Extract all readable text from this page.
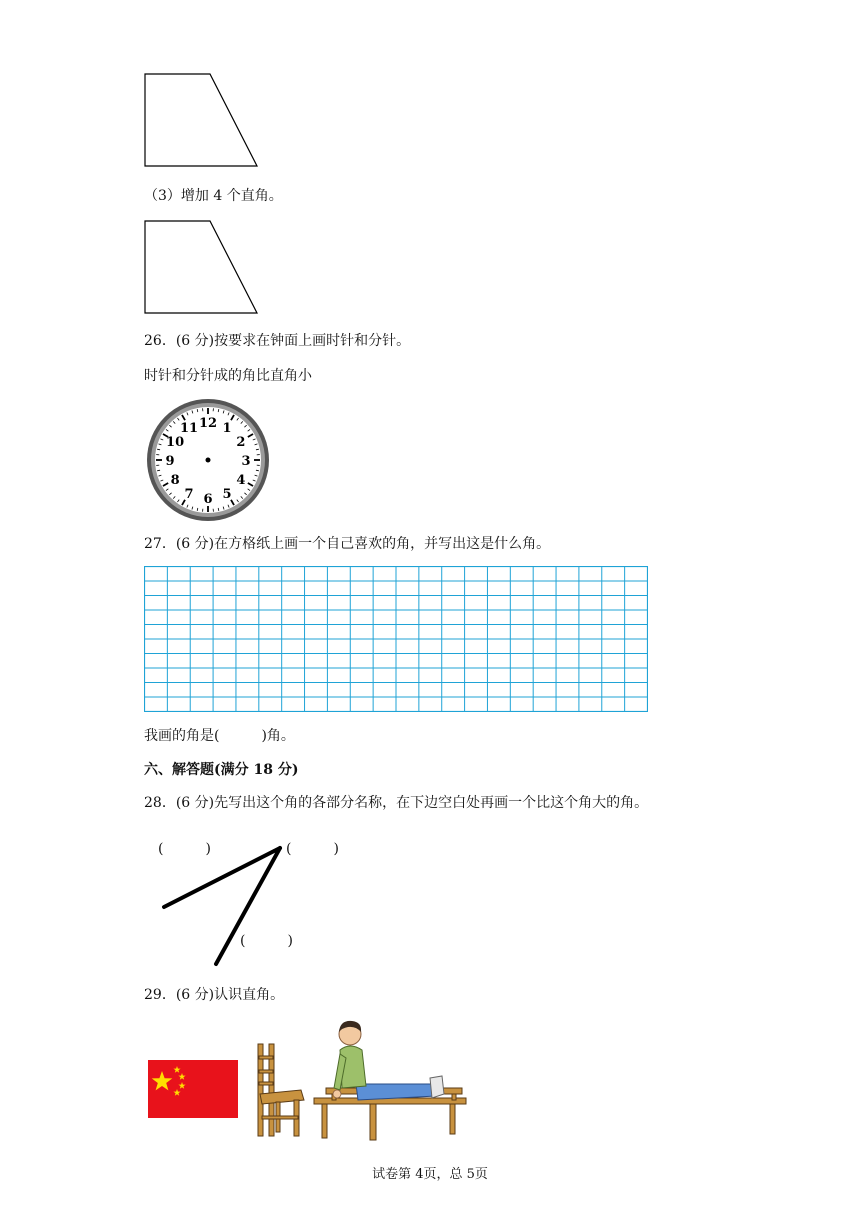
（3）增加 4 个直角。
26．(6 分)按要求在钟面上画时针和分针。
时针和分针成的角比直角小
12 1
2
3
4
5
6
7
8
9
10
11
27．(6 分)在方格纸上画一个自己喜欢的角，并写出这是什么角。
我画的角是(　　　)角。
六、解答题(满分 18 分)
28．(6 分)先写出这个角的各部分名称，在下边空白处再画一个比这个角大的角。
(　　　)	(　　　)
(　　　)
29．(6 分)认识直角。
试卷第 4页，总 5页
